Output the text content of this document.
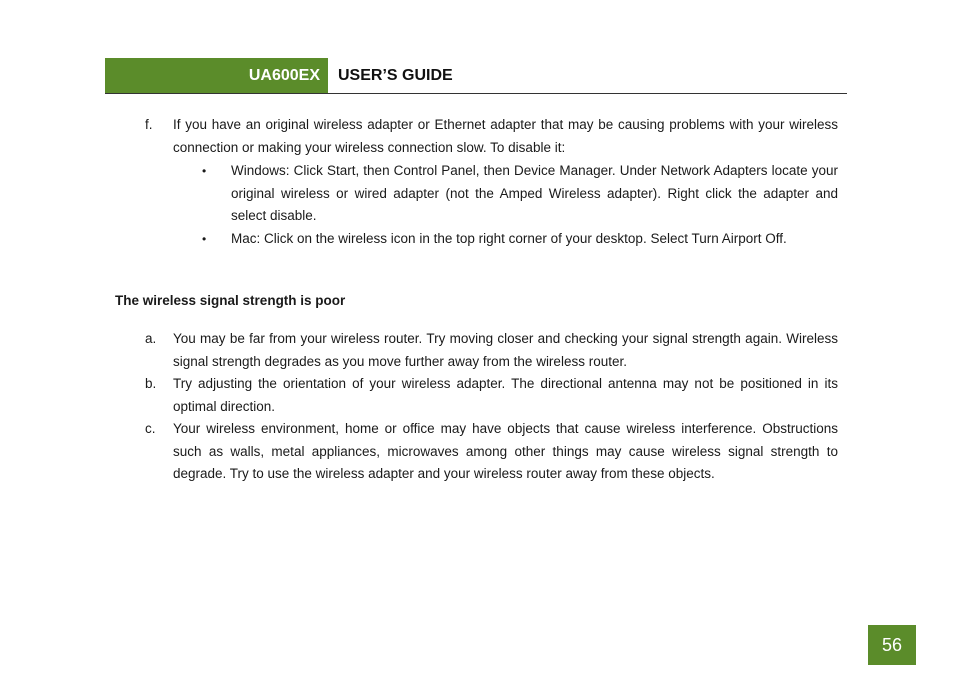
UA600EX	USER’S GUIDE
f. If you have an original wireless adapter or Ethernet adapter that may be causing problems with your wireless connection or making your wireless connection slow. To disable it:
• Windows: Click Start, then Control Panel, then Device Manager. Under Network Adapters locate your original wireless or wired adapter (not the Amped Wireless adapter). Right click the adapter and select disable.
• Mac: Click on the wireless icon in the top right corner of your desktop. Select Turn Airport Off.
The wireless signal strength is poor
a. You may be far from your wireless router. Try moving closer and checking your signal strength again. Wireless signal strength degrades as you move further away from the wireless router.
b. Try adjusting the orientation of your wireless adapter. The directional antenna may not be positioned in its optimal direction.
c. Your wireless environment, home or office may have objects that cause wireless interference. Obstructions such as walls, metal appliances, microwaves among other things may cause wireless signal strength to degrade. Try to use the wireless adapter and your wireless router away from these objects.
56
